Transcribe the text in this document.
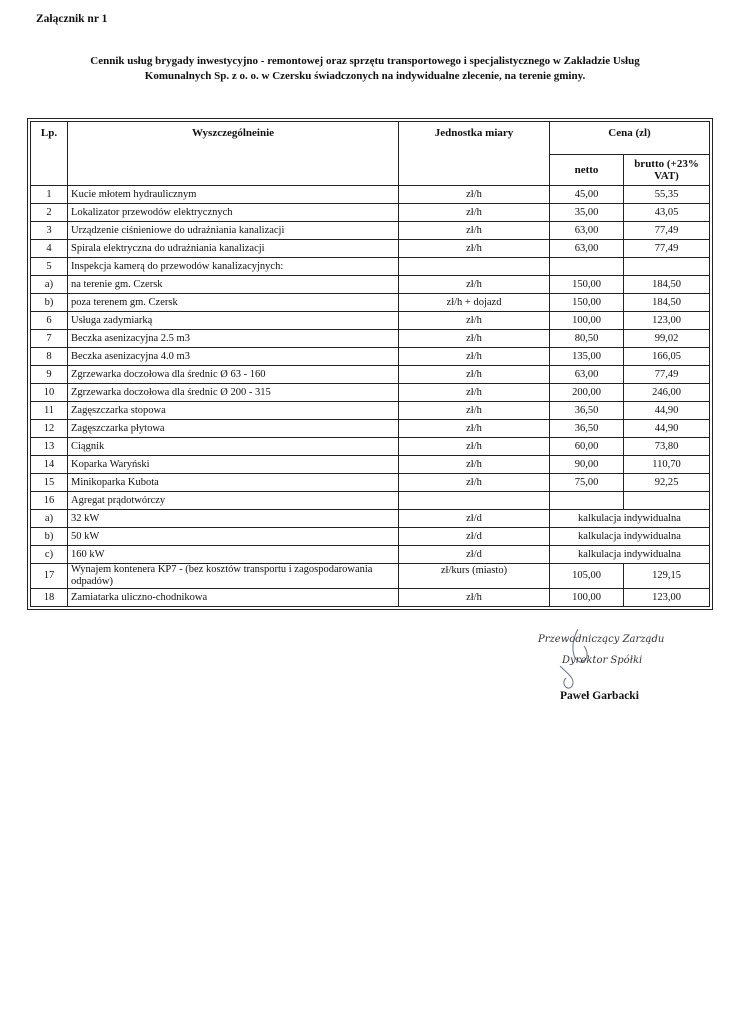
Załącznik nr 1
Cennik usług brygady inwestycyjno - remontowej oraz sprzętu transportowego i specjalistycznego w Zakładzie Usług
Komunalnych Sp. z o. o. w Czersku świadczonych na indywidualne zlecenie, na terenie gminy.
Lp.	Wyszczególneinie	Jednostka miary	Cena (zl)	
			netto	brutto (+23% VAT)
1	Kucie młotem hydraulicznym	zł/h	45,00	55,35
2	Lokalizator przewodów elektrycznych	zł/h	35,00	43,05
3	Urządzenie ciśnieniowe do udrażniania kanalizacji	zł/h	63,00	77,49
4	Spirala elektryczna do udrażniania kanalizacji	zł/h	63,00	77,49
5	Inspekcja kamerą do przewodów kanalizacyjnych:			
a)	na terenie gm. Czersk	zł/h	150,00	184,50
b)	poza terenem gm. Czersk	zł/h + dojazd	150,00	184,50
6	Usługa zadymiarką	zł/h	100,00	123,00
7	Beczka asenizacyjna 2.5 m3	zł/h	80,50	99,02
8	Beczka asenizacyjna 4.0 m3	zł/h	135,00	166,05
9	Zgrzewarka doczołowa dla średnic Ø 63 - 160	zł/h	63,00	77,49
10	Zgrzewarka doczołowa dla średnic Ø 200 - 315	zł/h	200,00	246,00
11	Zagęszczarka stopowa	zł/h	36,50	44,90
12	Zagęszczarka płytowa	zł/h	36,50	44,90
13	Ciągnik	zł/h	60,00	73,80
14	Koparka Waryński	zł/h	90,00	110,70
15	Minikoparka Kubota	zł/h	75,00	92,25
16	Agregat prądotwórczy			
a)	32 kW	zł/d	kalkulacja indywidualna	
b)	50 kW	zł/d	kalkulacja indywidualna	
c)	160 kW	zł/d	kalkulacja indywidualna	
17	Wynajem kontenera KP7 - (bez kosztów transportu i zagospodarowania odpadów)	zł/kurs (miasto)	105,00	129,15
18	Zamiatarka uliczno-chodnikowa	zł/h	100,00	123,00
Przewodniczący Zarządu
Dyrektor Spółki
Paweł Garbacki
